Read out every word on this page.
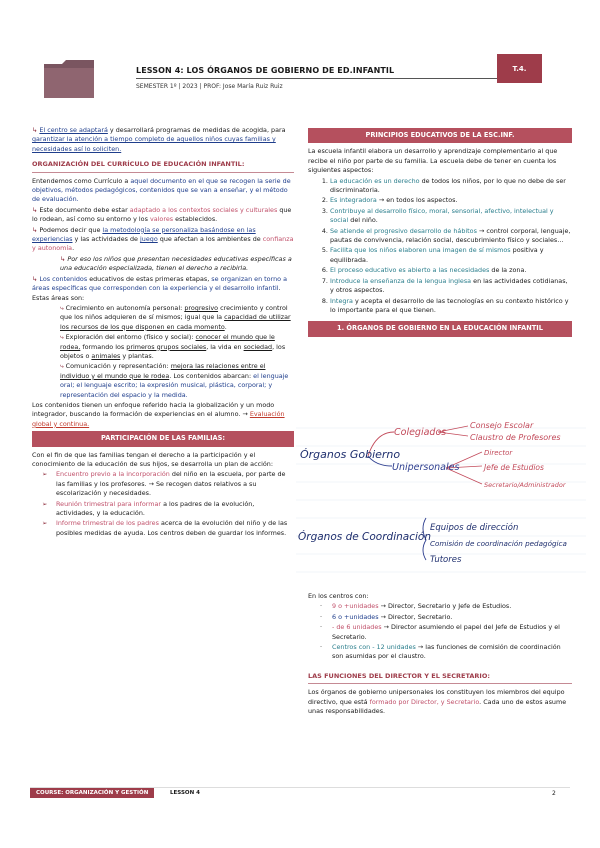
LESSON 4: LOS ÓRGANOS DE GOBIERNO DE ED.INFANTIL
SEMESTER 1º | 2023 | PROF: Jose María Ruiz Ruiz
T.4.

↳ El centro se adaptará y desarrollará programas de medidas de acogida, para garantizar la atención a tiempo completo de aquellos niños cuyas familias y necesidades así lo soliciten.

ORGANIZACIÓN DEL CURRÍCULO DE EDUCACIÓN INFANTIL:

Entendemos como Currículo a aquel documento en el que se recogen la serie de objetivos, métodos pedagógicos, contenidos que se van a enseñar, y el método de evaluación.

↳ Este documento debe estar adaptado a los contextos sociales y culturales que lo rodean, así como su entorno y los valores establecidos.

↳ Podemos decir que la metodología se personaliza basándose en las experiencias y las actividades de juego que afectan a los ambientes de confianza y autonomía.

↳ Por eso los niños que presentan necesidades educativas específicas a una educación especializada, tienen el derecho a recibirla.

↳ Los contenidos educativos de estas primeras etapas, se organizan en torno a áreas específicas que corresponden con la experiencia y el desarrollo infantil. Estas áreas son:

⤷ Crecimiento en autonomía personal: progresivo crecimiento y control que los niños adquieren de sí mismos; igual que la capacidad de utilizar los recursos de los que disponen en cada momento.

⤷ Exploración del entorno (físico y social): conocer el mundo que le rodea, formando los primeros grupos sociales, la vida en sociedad, los objetos o animales y plantas.

⤷ Comunicación y representación: mejora las relaciones entre el individuo y el mundo que le rodea. Los contenidos abarcan: el lenguaje oral; el lenguaje escrito; la expresión musical, plástica, corporal; y representación del espacio y la medida.

Los contenidos tienen un enfoque referido hacia la globalización y un modo integrador, buscando la formación de experiencias en el alumno. → Evaluación global y continua.

PARTICIPACIÓN DE LAS FAMILIAS:

Con el fin de que las familias tengan el derecho a la participación y el conocimiento de la educación de sus hijos, se desarrolla un plan de acción:

➢ Encuentro previo a la incorporación del niño en la escuela, por parte de las familias y los profesores. → Se recogen datos relativos a su escolarización y necesidades.
➢ Reunión trimestral para informar a los padres de la evolución, actividades, y la educación.
➢ Informe trimestral de los padres acerca de la evolución del niño y de las posibles medidas de ayuda. Los centros deben de guardar los informes.
PRINCIPIOS EDUCATIVOS DE LA ESC.INF.

La escuela infantil elabora un desarrollo y aprendizaje complementario al que recibe el niño por parte de su familia. La escuela debe de tener en cuenta los siguientes aspectos:

1. La educación es un derecho de todos los niños, por lo que no debe de ser discriminatoria.
2. Es integradora → en todos los aspectos.
3. Contribuye al desarrollo físico, moral, sensorial, afectivo, intelectual y social del niño.
4. Se atiende el progresivo desarrollo de hábitos → control corporal, lenguaje, pautas de convivencia, relación social, descubrimiento físico y sociales…
5. Facilita que los niños elaboren una imagen de sí mismos positiva y equilibrada.
6. El proceso educativo es abierto a las necesidades de la zona.
7. Introduce la enseñanza de la lengua inglesa en las actividades cotidianas, y otros aspectos.
8. Integra y acepta el desarrollo de las tecnologías en su contexto histórico y lo importante para el que tienen.
1. ÓRGANOS DE GOBIERNO EN LA EDUCACIÓN INFANTIL
Órganos Gobierno
Colegiados
Consejo Escolar
Claustro de Profesores
Unipersonales
Director
Jefe de Estudios
Secretario/Administrador
Órganos de Coordinación
Equipos de dirección
Comisión de coordinación pedagógica
Tutores

En los centros con:

· 9 o +unidades → Director, Secretario y Jefe de Estudios.
· 6 o +unidades → Director, Secretario.
· - de 6 unidades → Director asumiendo el papel del Jefe de Estudios y el Secretario.
· Centros con - 12 unidades → las funciones de comisión de coordinación son asumidas por el claustro.
LAS FUNCIONES DEL DIRECTOR Y EL SECRETARIO:

Los órganos de gobierno unipersonales los constituyen los miembros del equipo directivo, que está formado por Director, y Secretario. Cada uno de estos asume unas responsabilidades.

COURSE: ORGANIZACIÓN Y GESTIÓN	LESSON 4	2
